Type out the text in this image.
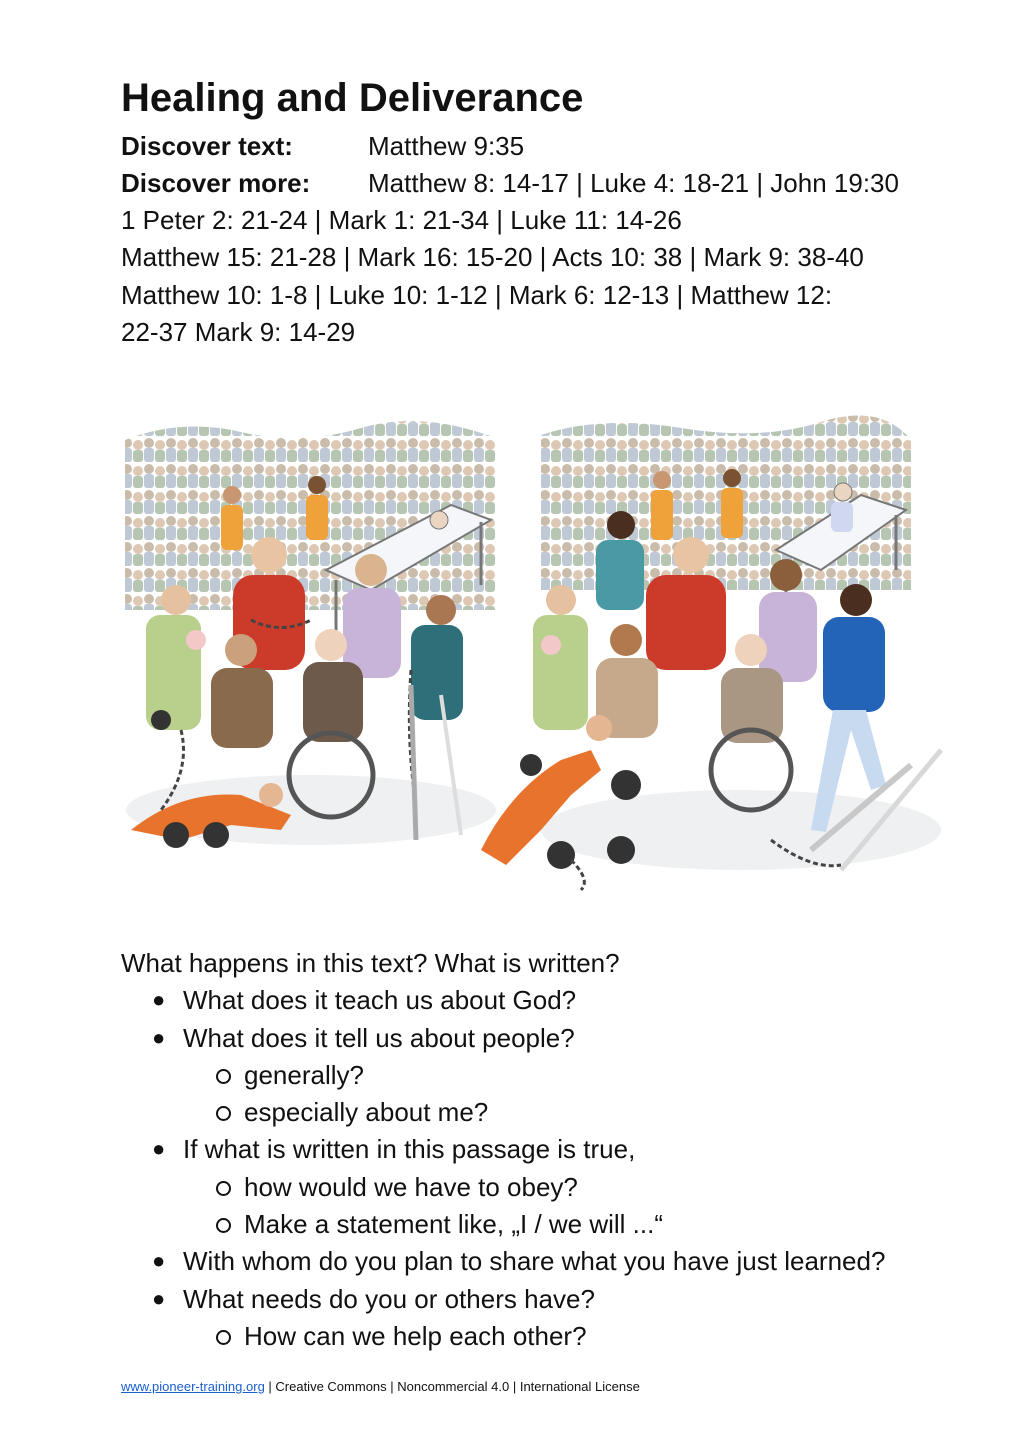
Healing and Deliverance
Discover text:	Matthew 9:35
Discover more: Matthew 8: 14-17 | Luke 4: 18-21 | John 19:30
1 Peter 2: 21-24 | Mark 1: 21-34 | Luke 11: 14-26
Matthew 15: 21-28 | Mark 16: 15-20 | Acts 10: 38 | Mark 9: 38-40
Matthew 10: 1-8 | Luke 10: 1-12 | Mark 6: 12-13 | Matthew 12:
22-37 Mark 9: 14-29
What happens in this text? What is written?
● What does it teach us about God?
● What does it tell us about people?
generally?
especially about me?
● If what is written in this passage is true,
how would we have to obey?
Make a statement like, „I / we will ...“
● With whom do you plan to share what you have just learned?
● What needs do you or others have?
How can we help each other?
www.pioneer-training.org | Creative Commons | Noncommercial 4.0 | International License
